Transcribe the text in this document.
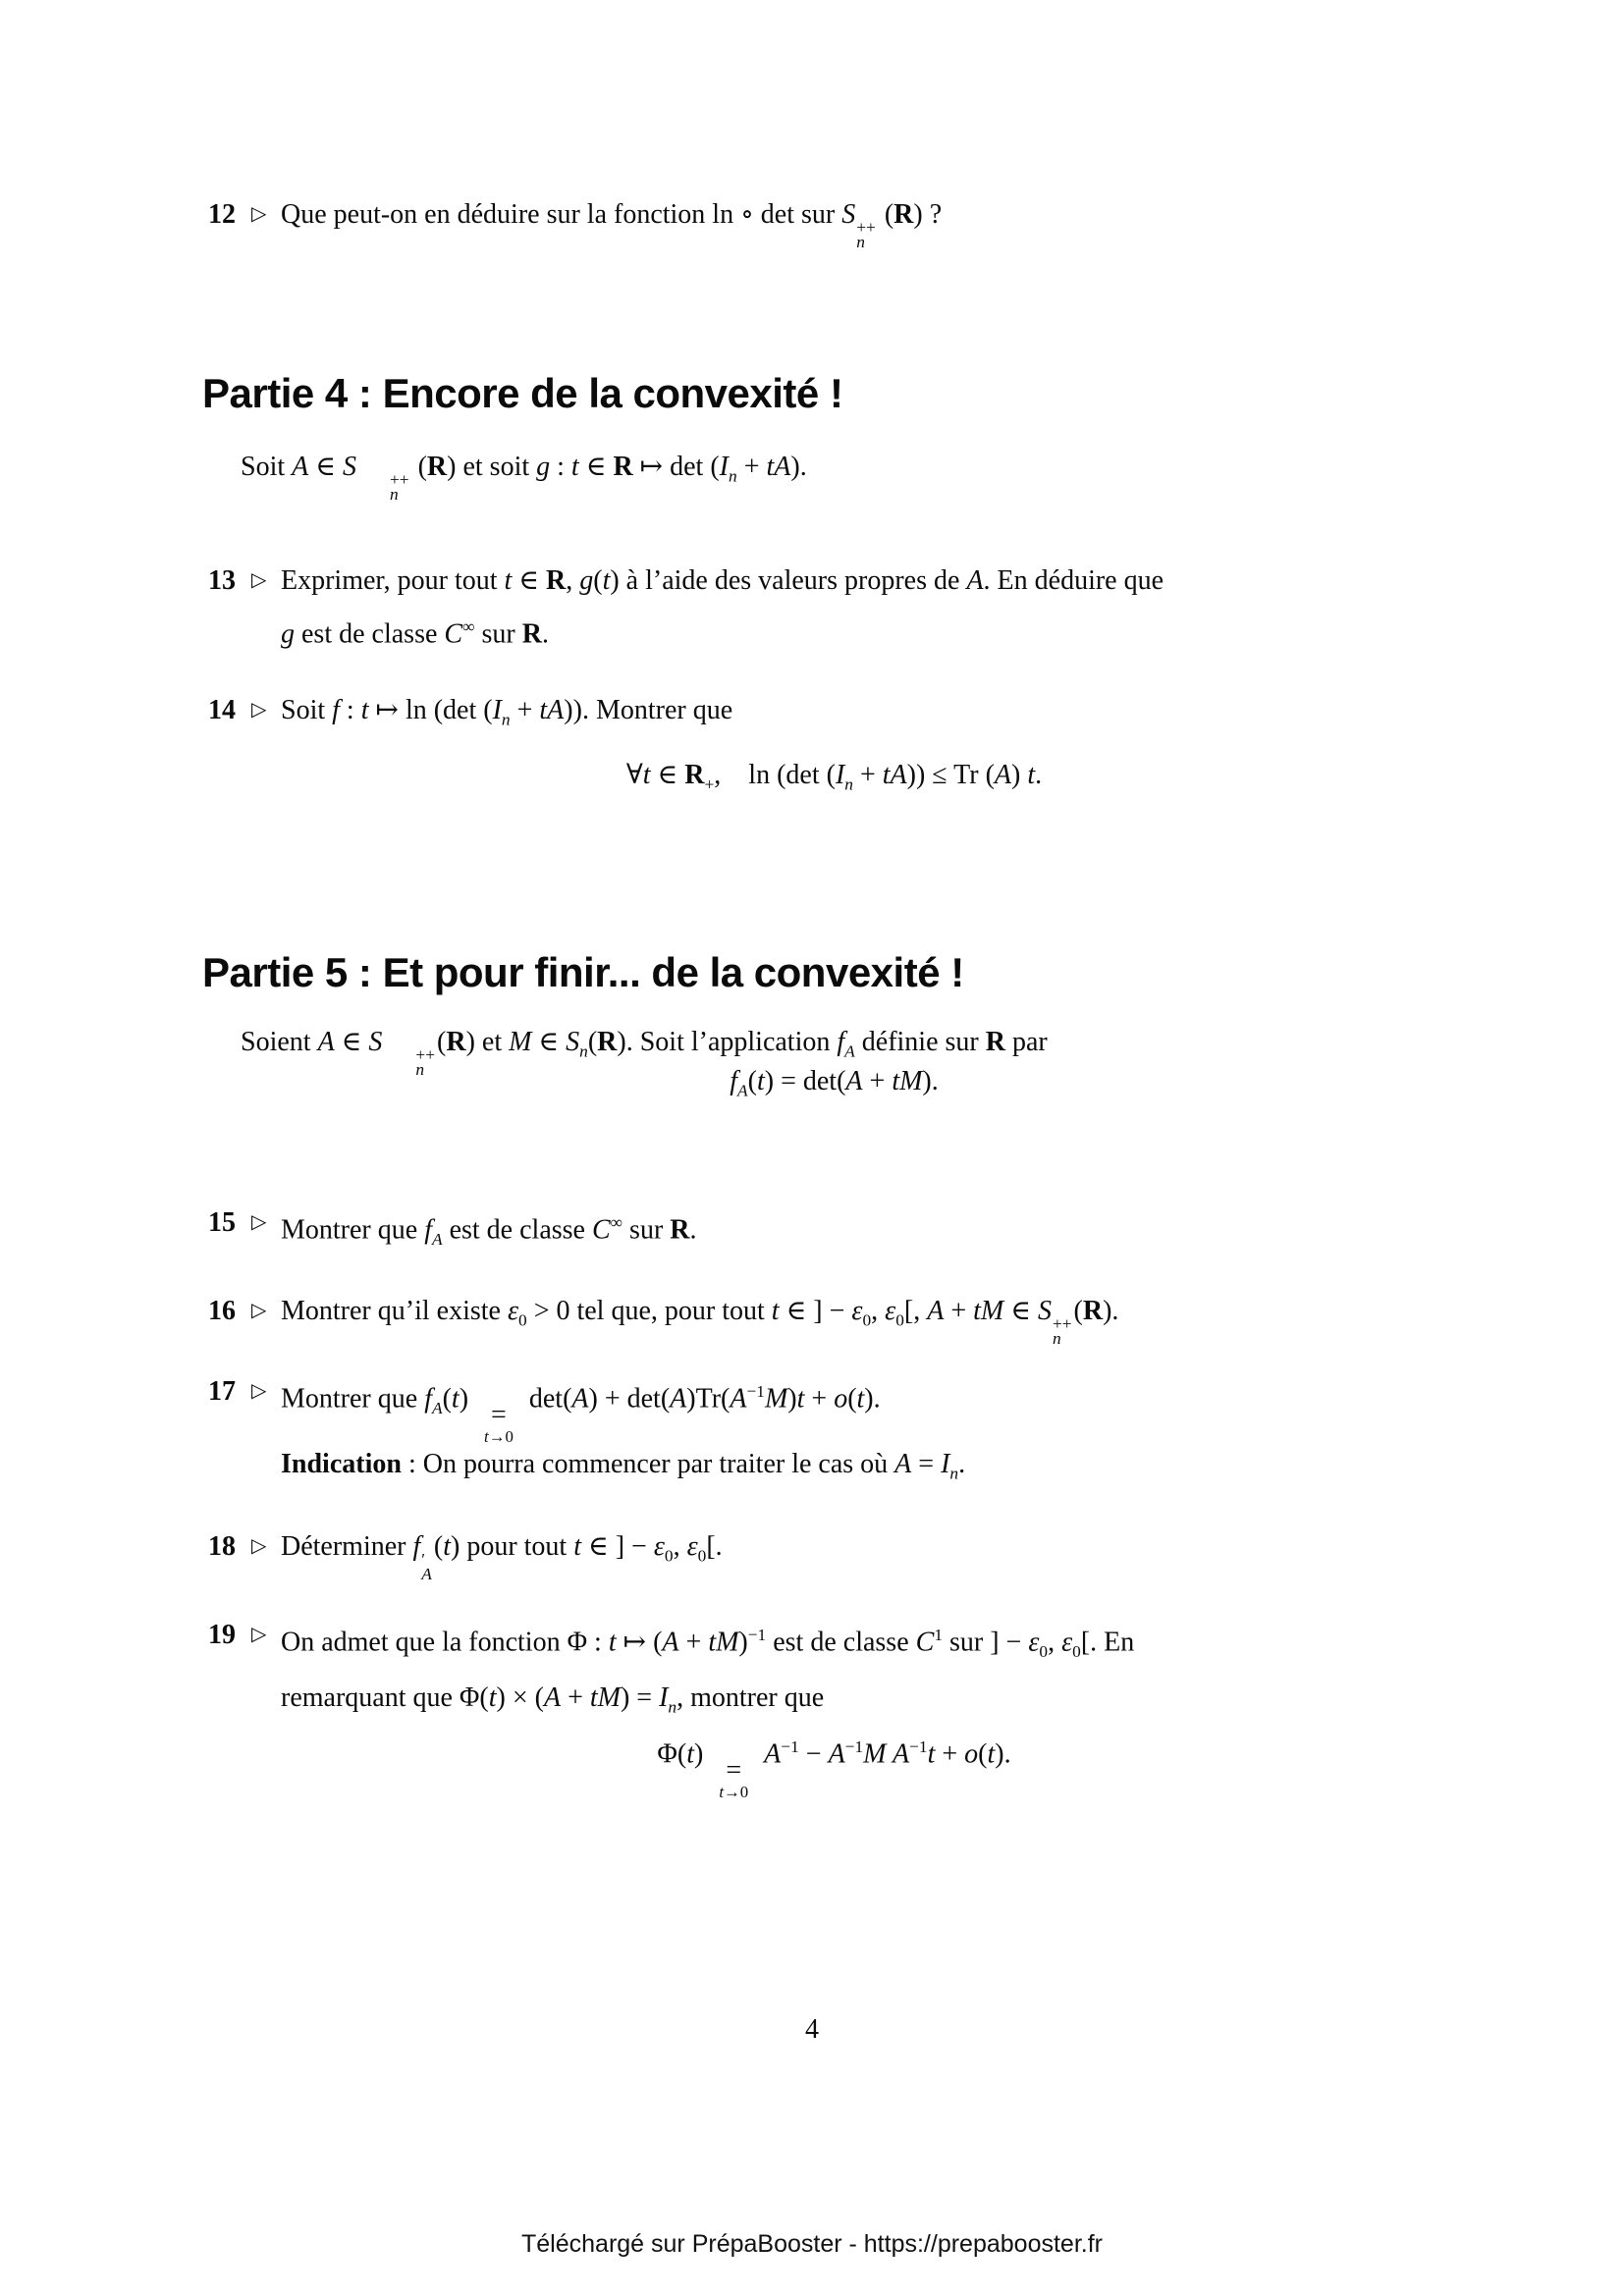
12 ▷ Que peut-on en déduire sur la fonction ln ∘ det sur S ++
n
(R) ?
Partie 4 : Encore de la convexité !

Soit A ∈ S	++
n
(R) et soit g : t ∈ R ↦ $\det (I_n + tA)$.

13 ▷ Exprimer, pour tout t ∈ R, g(t) à l’aide des valeurs propres de A. En déduire que
g est de classe C∞ sur R.
14 ▷ Soit f : t ↦ ln (det $(I_n + tA)$). Montrer que
∀t ∈ $R_+$,    ln (det $(I_n + tA)) \le Tr$ (A) t.
Partie 5 : Et pour finir... de la convexité !

Soient A ∈ S	++
n
(R) et M ∈ $S_n(R)$. Soit l’application $f_A$ définie sur R par

$f_A(t) = \det(A + tM)$.
15 ▷ Montrer que $f_A$ est de classe C∞ sur R.
16 ▷ Montrer qu’il existe $\varepsilon_0 > 0$ tel que, pour tout t ∈ ] − $\varepsilon_0$, $\varepsilon_0$[, A + tM ∈ S ++
n
(R).
17 ▷ Montrer que $f_A(t)$
=
t→0
$\det(A) + \det(A)Tr(A^{-1}M)t + o(t)$.
Indication : On pourra commencer par traiter le cas où $A = I_n$.
18 ▷ Déterminer f ′
A
(t) pour tout t ∈ ] − $\varepsilon_0$, $\varepsilon_0$[.
19 ▷ On admet que la fonction Φ : t ↦ (A + tM)$^{-1}$ est de classe $C^1$ sur ] − $\varepsilon_0$, $\varepsilon_0$[. En
remarquant que $\Phi(t) \times (A + tM) = I_n$, montrer que
Φ(t)
=
t→0
$A^{-1} - A^{-1}M$ $A^{-1}t + o(t)$.
4
Téléchargé sur PrépaBooster - https://prepabooster.fr
